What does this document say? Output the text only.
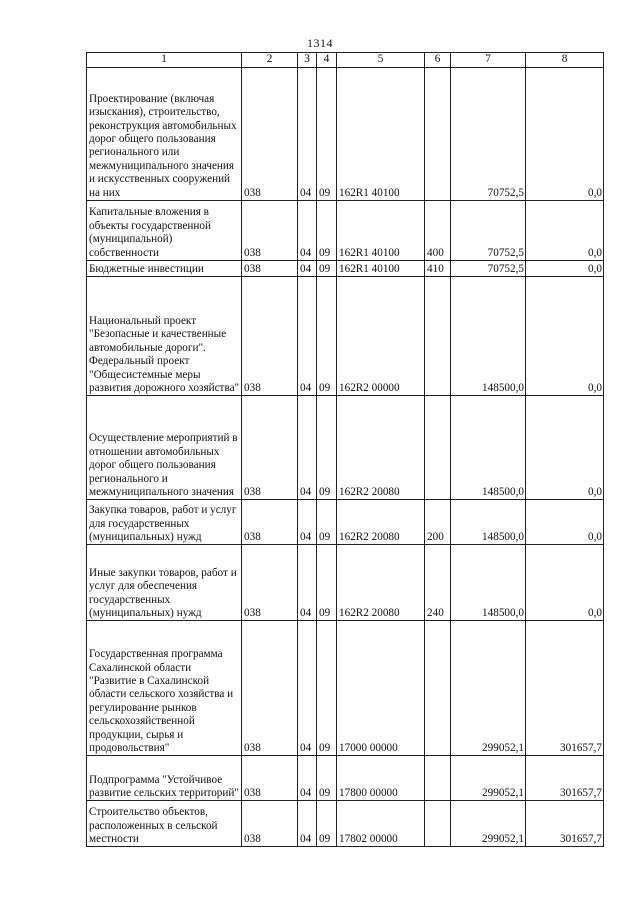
1314
1	2	3	4	5	6	7	8
Проектирование (включая изыскания), строительство, реконструкция автомобильных дорог общего пользования регионального или межмуниципального значения и искусственных сооружений на них	038	04	09	162R1 40100		70752,5	0,0
Капитальные вложения в объекты государственной (муниципальной) собственности	038	04	09	162R1 40100	400	70752,5	0,0
Бюджетные инвестиции	038	04	09	162R1 40100	410	70752,5	0,0
Национальный проект "Безопасные и качественные автомобильные дороги". Федеральный проект "Общесистемные меры развития дорожного хозяйства"	038	04	09	162R2 00000		148500,0	0,0
Осуществление мероприятий в отношении автомобильных дорог общего пользования регионального и межмуниципального значения	038	04	09	162R2 20080		148500,0	0,0
Закупка товаров, работ и услуг для государственных (муниципальных) нужд	038	04	09	162R2 20080	200	148500,0	0,0
Иные закупки товаров, работ и услуг для обеспечения государственных (муниципальных) нужд	038	04	09	162R2 20080	240	148500,0	0,0
Государственная программа Сахалинской области "Развитие в Сахалинской области сельского хозяйства и регулирование рынков сельскохозяйственной продукции, сырья и продовольствия"	038	04	09	17000 00000		299052,1	301657,7
Подпрограмма "Устойчивое развитие сельских территорий"	038	04	09	17800 00000		299052,1	301657,7
Строительство объектов, расположенных в сельской местности	038	04	09	17802 00000		299052,1	301657,7
